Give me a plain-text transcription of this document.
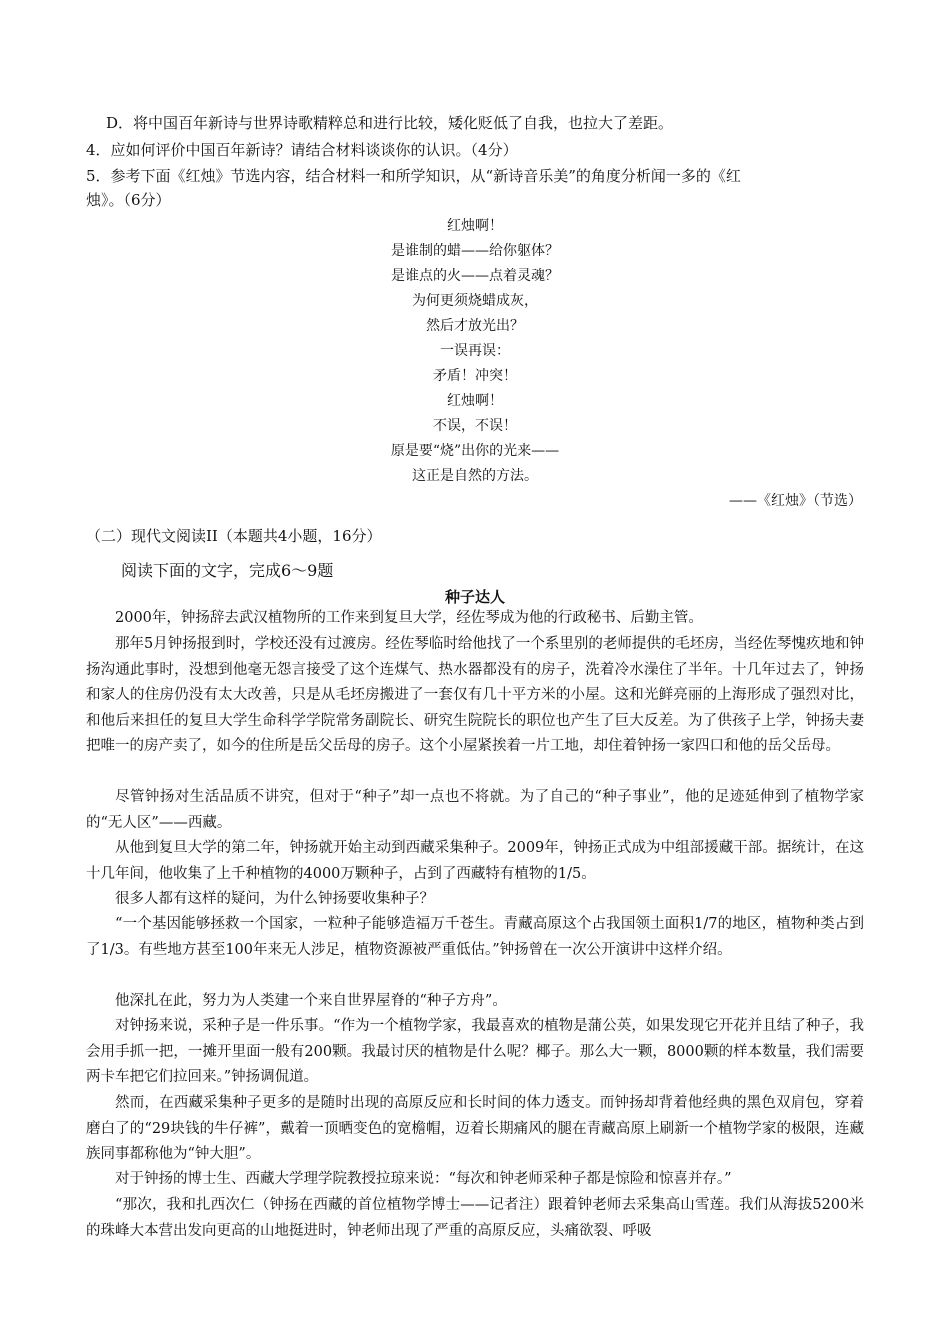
D．将中国百年新诗与世界诗歌精粹总和进行比较，矮化贬低了自我，也拉大了差距。
4．应如何评价中国百年新诗？请结合材料谈谈你的认识。（4分）
5．参考下面《红烛》节选内容，结合材料一和所学知识，从“新诗音乐美”的角度分析闻一多的《红
烛》。（6分）
红烛啊！
是谁制的蜡——给你躯体？
是谁点的火——点着灵魂？
为何更须烧蜡成灰，
然后才放光出？
一误再误：
矛盾！冲突！
红烛啊！
不误，不误！
原是要“烧”出你的光来——
这正是自然的方法。
——《红烛》（节选）
（二）现代文阅读II（本题共4小题，16分）
阅读下面的文字，完成6～9题
种子达人
2000年，钟扬辞去武汉植物所的工作来到复旦大学，经佐琴成为他的行政秘书、后勤主管。
那年5月钟扬报到时，学校还没有过渡房。经佐琴临时给他找了一个系里别的老师提供的毛坯房，当经佐琴愧疚地和钟扬沟通此事时，没想到他毫无怨言接受了这个连煤气、热水器都没有的房子，洗着冷水澡住了半年。十几年过去了，钟扬和家人的住房仍没有太大改善，只是从毛坯房搬进了一套仅有几十平方米的小屋。这和光鲜亮丽的上海形成了强烈对比，和他后来担任的复旦大学生命科学学院常务副院长、研究生院院长的职位也产生了巨大反差。为了供孩子上学，钟扬夫妻把唯一的房产卖了，如今的住所是岳父岳母的房子。这个小屋紧挨着一片工地，却住着钟扬一家四口和他的岳父岳母。
尽管钟扬对生活品质不讲究，但对于“种子”却一点也不将就。为了自己的“种子事业”，他的足迹延伸到了植物学家的“无人区”——西藏。
从他到复旦大学的第二年，钟扬就开始主动到西藏采集种子。2009年，钟扬正式成为中组部援藏干部。据统计，在这十几年间，他收集了上千种植物的4000万颗种子，占到了西藏特有植物的1/5。
很多人都有这样的疑问，为什么钟扬要收集种子？
“一个基因能够拯救一个国家，一粒种子能够造福万千苍生。青藏高原这个占我国领土面积1/7的地区，植物种类占到了1/3。有些地方甚至100年来无人涉足，植物资源被严重低估。”钟扬曾在一次公开演讲中这样介绍。
他深扎在此，努力为人类建一个来自世界屋脊的“种子方舟”。
对钟扬来说，采种子是一件乐事。“作为一个植物学家，我最喜欢的植物是蒲公英，如果发现它开花并且结了种子，我会用手抓一把，一摊开里面一般有200颗。我最讨厌的植物是什么呢？椰子。那么大一颗，8000颗的样本数量，我们需要两卡车把它们拉回来。”钟扬调侃道。
然而，在西藏采集种子更多的是随时出现的高原反应和长时间的体力透支。而钟扬却背着他经典的黑色双肩包，穿着磨白了的“29块钱的牛仔裤”，戴着一顶晒变色的宽檐帽，迈着长期痛风的腿在青藏高原上刷新一个植物学家的极限，连藏族同事都称他为“钟大胆”。
对于钟扬的博士生、西藏大学理学院教授拉琼来说：“每次和钟老师采种子都是惊险和惊喜并存。”
“那次，我和扎西次仁（钟扬在西藏的首位植物学博士——记者注）跟着钟老师去采集高山雪莲。我们从海拔5200米的珠峰大本营出发向更高的山地挺进时，钟老师出现了严重的高原反应，头痛欲裂、呼吸
